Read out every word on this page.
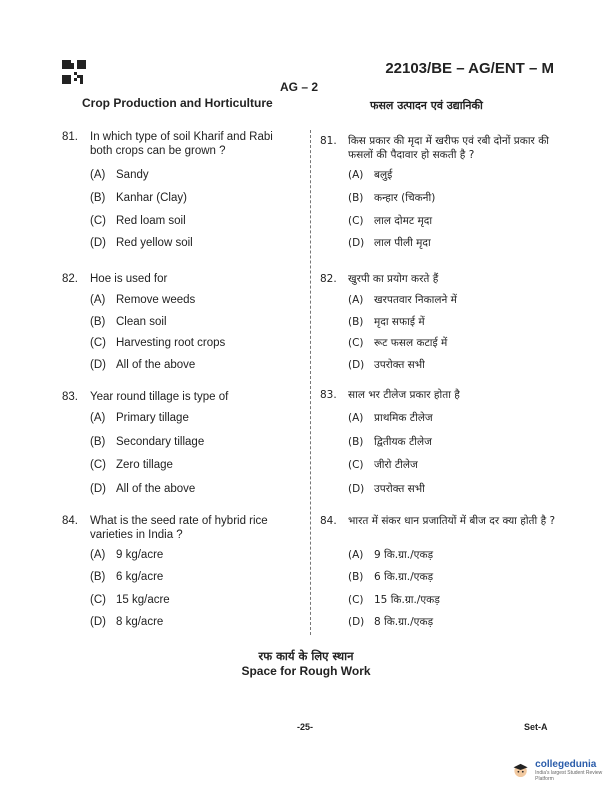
22103/BE – AG/ENT – M
AG – 2
Crop Production and Horticulture	फसल उत्पादन एवं उद्यानिकी
81.	In which type of soil Kharif and Rabi both crops can be grown ?
(A) Sandy
(B) Kanhar (Clay)
(C) Red loam soil
(D) Red yellow soil
82.	Hoe is used for
(A) Remove weeds
(B) Clean soil
(C) Harvesting root crops
(D) All of the above
83.	Year round tillage is type of
(A) Primary tillage
(B) Secondary tillage
(C) Zero tillage
(D) All of the above
84.	What is the seed rate of hybrid rice varieties in India ?
(A) 9 kg/acre
(B) 6 kg/acre
(C) 15 kg/acre
(D) 8 kg/acre
81.	किस प्रकार की मृदा में खरीफ एवं रबी दोनों प्रकार की फसलों की पैदावार हो सकती है ?
(A)	बलुई
(B)	कन्हार (चिकनी)
(C) लाल दोमट मृदा
(D) लाल पीली मृदा
82.	खुरपी का प्रयोग करते हैं
(A)	खरपतवार निकालने में
(B)	मृदा सफाई में
(C) रूट फसल कटाई में
(D) उपरोक्त सभी
83.	साल भर टीलेज प्रकार होता है
(A)	प्राथमिक टीलेज
(B)	द्वितीयक टीलेज
(C) जीरो टीलेज
(D) उपरोक्त सभी
84.	भारत में संकर धान प्रजातियों में बीज दर क्या होती है ?
(A)	9 कि.ग्रा./एकड़
(B)	6 कि.ग्रा./एकड़
(C) 15 कि.ग्रा./एकड़
(D) 8 कि.ग्रा./एकड़
रफ कार्य के लिए स्थान
Space for Rough Work
-25-	Set-A
collegedunia
India's largest Student Review Platform
